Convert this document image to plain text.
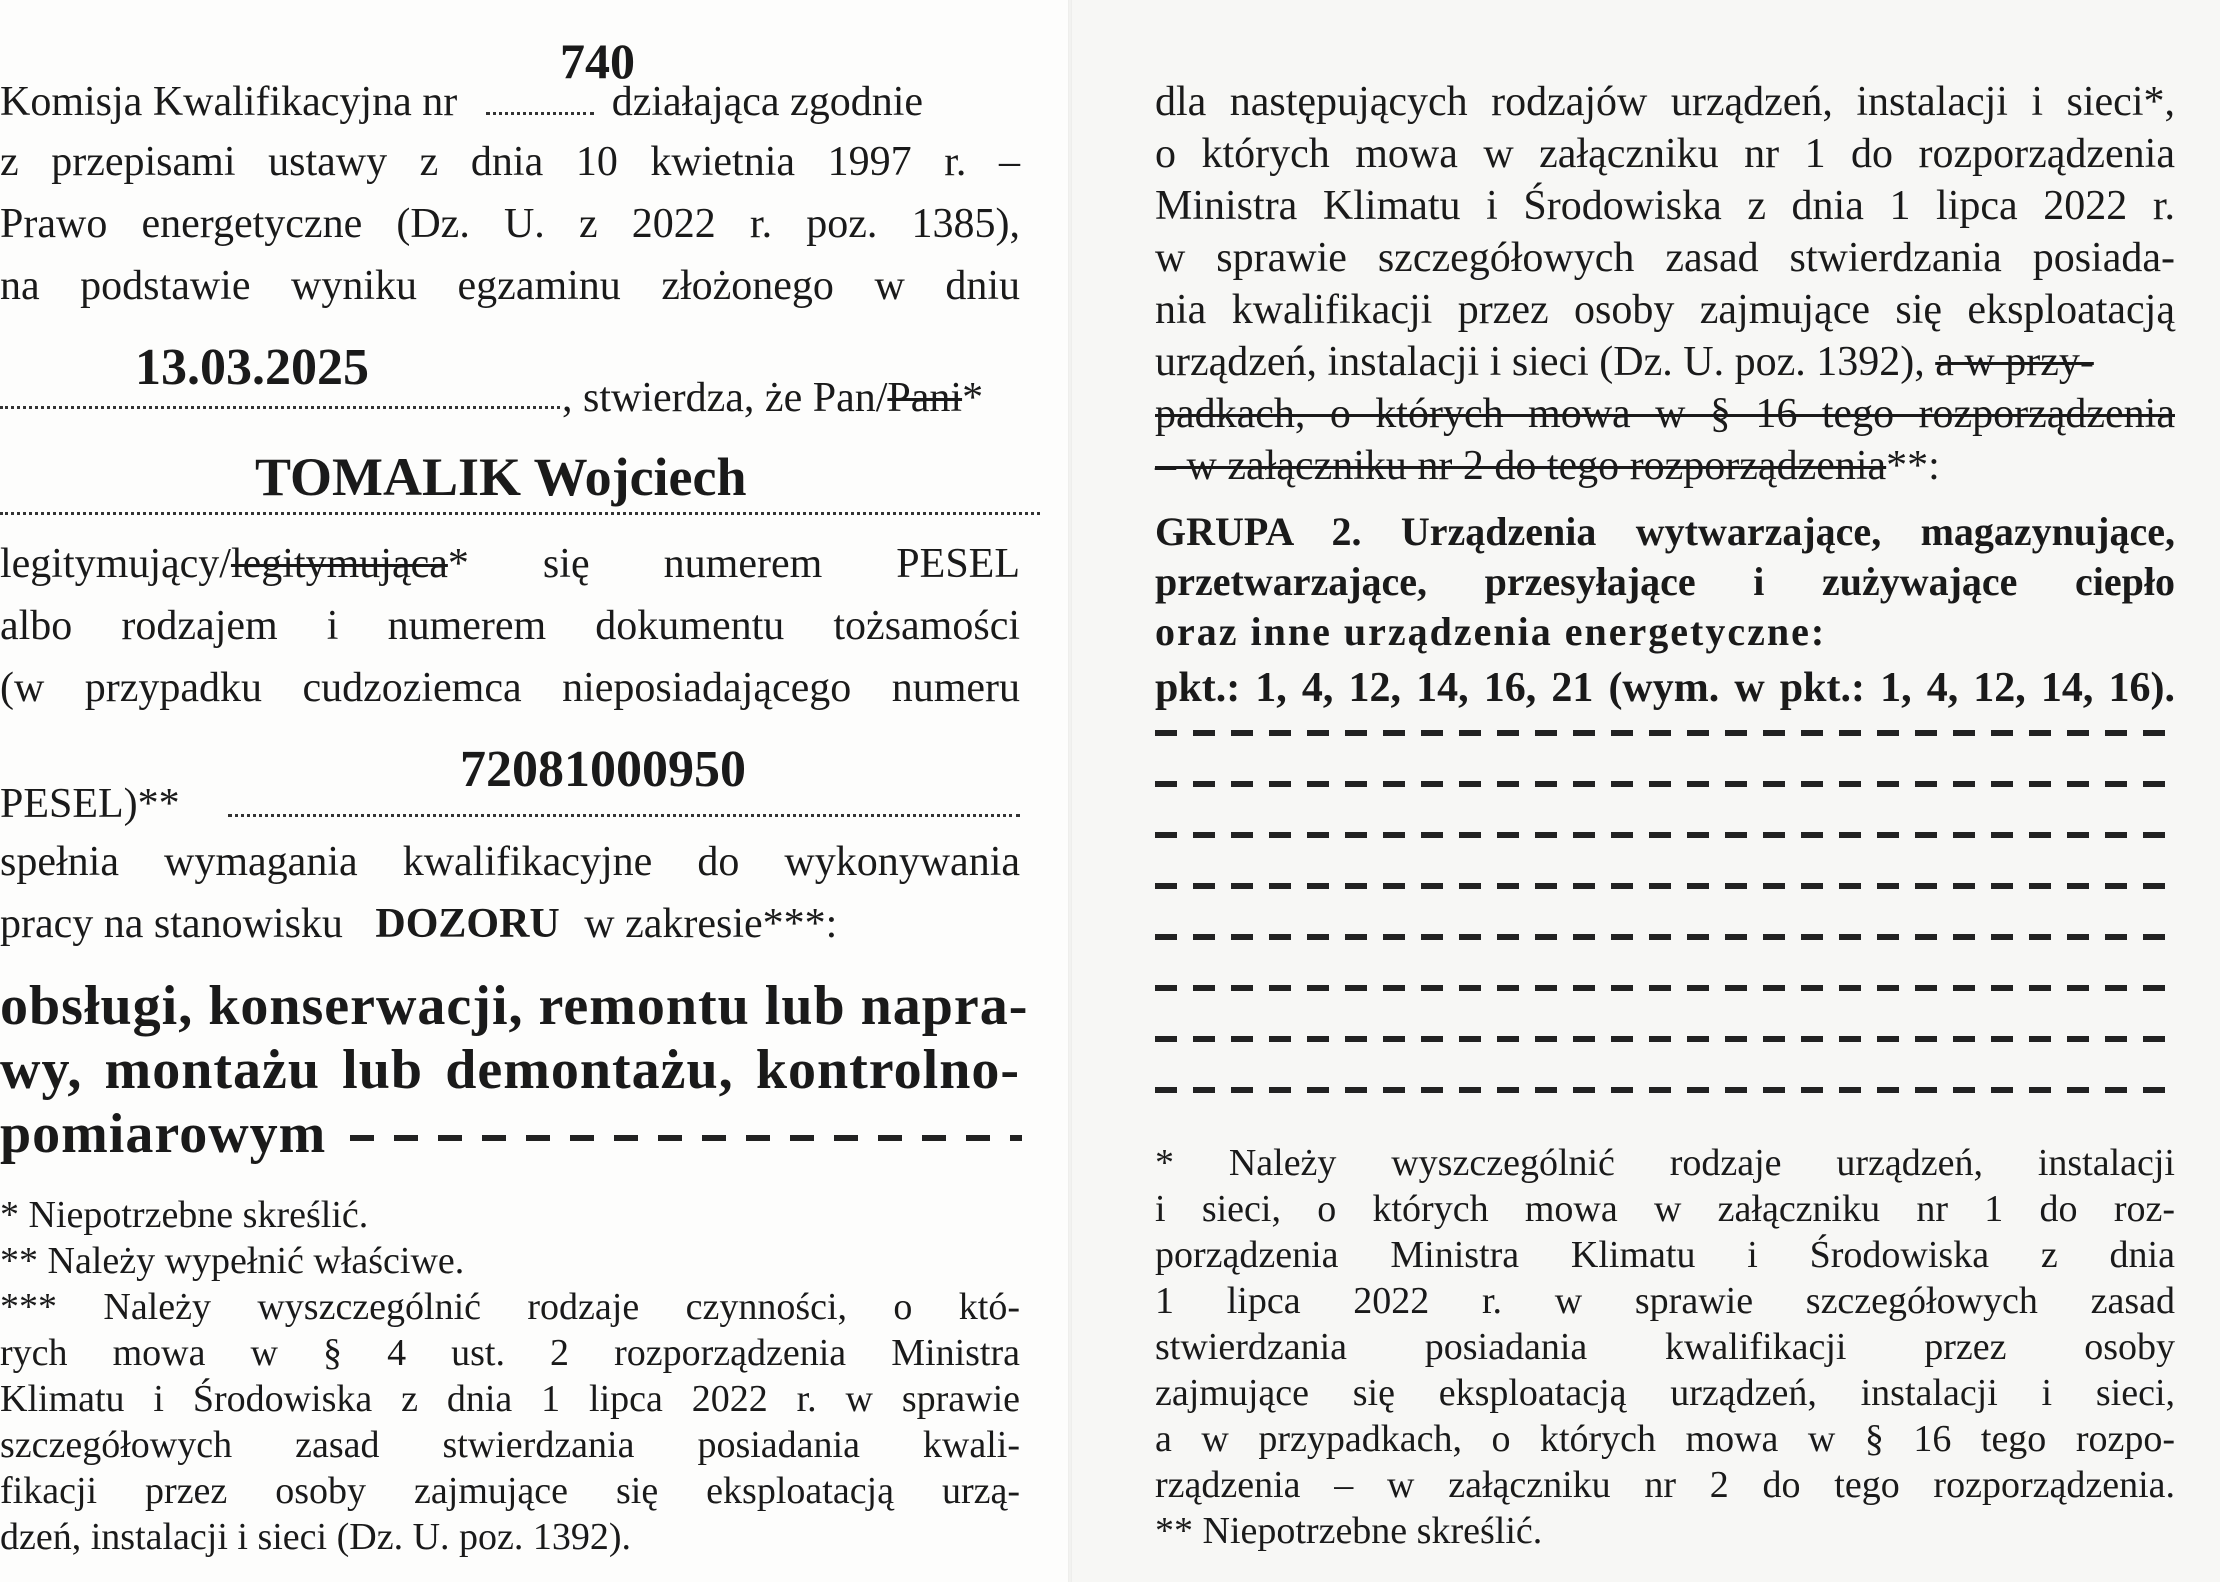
Komisja Kwalifikacyjna nr	działająca zgodnie
740
z przepisami ustawy z dnia 10 kwietnia 1997 r. –
Prawo energetyczne (Dz. U. z 2022 r. poz. 1385),
na podstawie wyniku egzaminu złożonego w dniu
13.03.2025
, stwierdza, że Pan/Pani*
TOMALIK Wojciech
legitymujący/legitymująca* się numerem PESEL
albo rodzajem i numerem dokumentu tożsamości
(w przypadku cudzoziemca nieposiadającego numeru
PESEL)**
72081000950
spełnia wymagania kwalifikacyjne do wykonywania
pracy na stanowisku DOZORU w zakresie***:
obsługi, konserwacji, remontu lub napra-
wy, montażu lub demontażu, kontrolno-
pomiarowym
* Niepotrzebne skreślić.
** Należy wypełnić właściwe.
*** Należy wyszczególnić rodzaje czynności, o któ-
rych mowa w § 4 ust. 2 rozporządzenia Ministra
Klimatu i Środowiska z dnia 1 lipca 2022 r. w sprawie
szczegółowych zasad stwierdzania posiadania kwali-
fikacji przez osoby zajmujące się eksploatacją urzą-
dzeń, instalacji i sieci (Dz. U. poz. 1392).
dla następujących rodzajów urządzeń, instalacji i sieci*,
o których mowa w załączniku nr 1 do rozporządzenia
Ministra Klimatu i Środowiska z dnia 1 lipca 2022 r.
w sprawie szczegółowych zasad stwierdzania posiada-
nia kwalifikacji przez osoby zajmujące się eksploatacją
urządzeń, instalacji i sieci (Dz. U. poz. 1392), a w przy-
padkach, o których mowa w § 16 tego rozporządzenia
– w załączniku nr 2 do tego rozporządzenia**:
GRUPA 2. Urządzenia wytwarzające, magazynujące,
przetwarzające, przesyłające i zużywające ciepło
oraz inne urządzenia energetyczne:
pkt.: 1, 4, 12, 14, 16, 21 (wym. w pkt.: 1, 4, 12, 14, 16).
* Należy wyszczególnić rodzaje urządzeń, instalacji
i sieci, o których mowa w załączniku nr 1 do roz-
porządzenia Ministra Klimatu i Środowiska z dnia
1 lipca 2022 r. w sprawie szczegółowych zasad
stwierdzania posiadania kwalifikacji przez osoby
zajmujące się eksploatacją urządzeń, instalacji i sieci,
a w przypadkach, o których mowa w § 16 tego rozpo-
rządzenia – w załączniku nr 2 do tego rozporządzenia.
** Niepotrzebne skreślić.
